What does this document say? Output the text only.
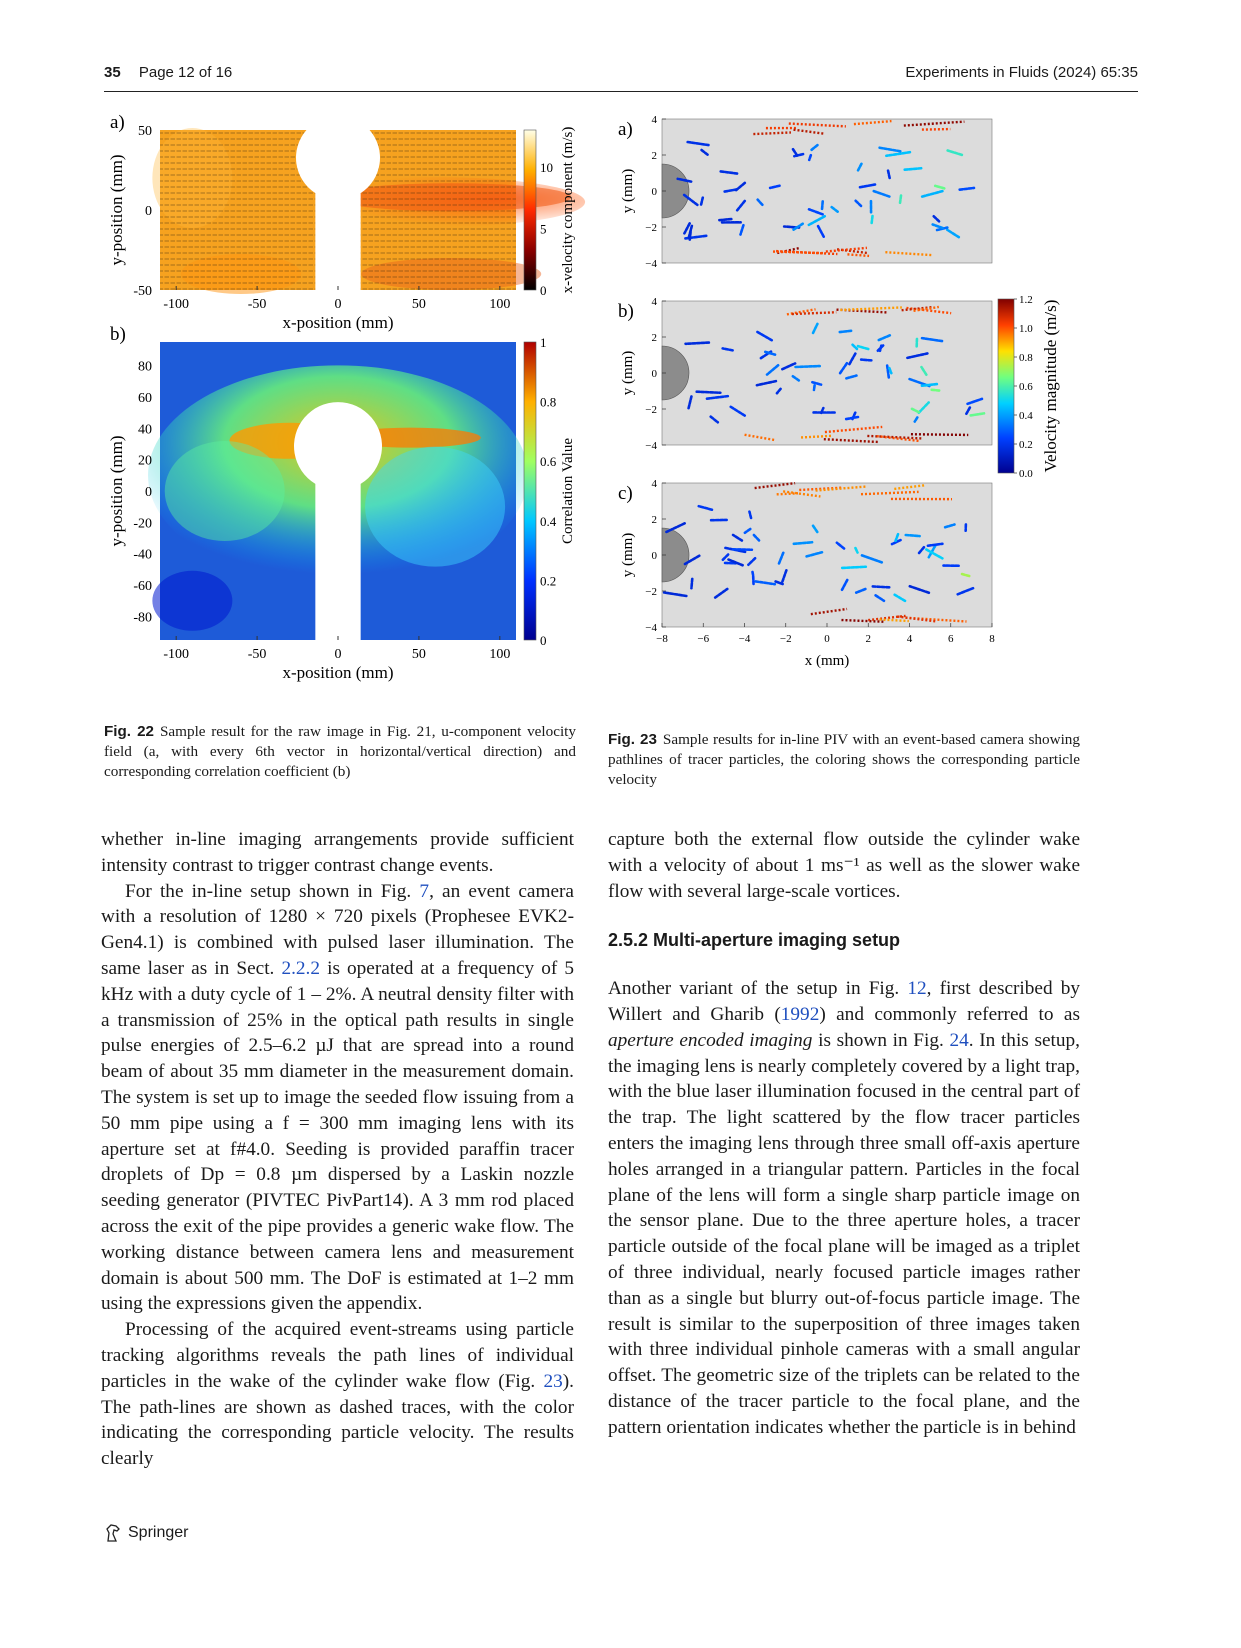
35 Page 12 of 16	Experiments in Fluids (2024) 65:35
a)
-100	-50	0	50	100
50
0
-50
x-position (mm)
y-position (mm)
0
5
10 x-velocity component (m/s)
b)
-100	-50	0	50	100
80
60
40
20
0
-20
-40
-60
-80
x-position (mm)
y-position (mm)
0
0.2
0.4
0.6
0.8
1
Correlation Value
Fig. 22 Sample result for the raw image in Fig. 21, u-component velocity field (a, with every 6th vector in horizontal/vertical direction) and corresponding correlation coefficient (b)
a) 4
2
0
−2
−4
y (mm)
b) 4
2
0
−2
−4
y (mm)
c) 4
2
0
−2
−4
y (mm)
−8	−6	−4	−2	0	2	4	6	8
x (mm)
0.0
0.2
0.4
0.6
0.8
1.0
1.2 Velocity magnitude (m/s)
Fig. 23 Sample results for in-line PIV with an event-based camera showing pathlines of tracer particles, the coloring shows the corresponding particle velocity

whether in-line imaging arrangements provide sufficient intensity contrast to trigger contrast change events.

For the in-line setup shown in Fig. 7, an event camera with a resolution of 1280 × 720 pixels (Prophesee EVK2-Gen4.1) is combined with pulsed laser illumination. The same laser as in Sect. 2.2.2 is operated at a frequency of 5 kHz with a duty cycle of 1 – 2%. A neutral density filter with a transmission of 25% in the optical path results in single pulse energies of 2.5–6.2 µJ that are spread into a round beam of about 35 mm diameter in the measurement domain. The system is set up to image the seeded flow issuing from a 50 mm pipe using a f = 300 mm imaging lens with its aperture set at f#4.0. Seeding is provided paraffin tracer droplets of Dp = 0.8 µm dispersed by a Laskin nozzle seeding generator (PIVTEC PivPart14). A 3 mm rod placed across the exit of the pipe provides a generic wake flow. The working distance between camera lens and measurement domain is about 500 mm. The DoF is estimated at 1–2 mm using the expressions given the appendix.

Processing of the acquired event-streams using particle tracking algorithms reveals the path lines of individual particles in the wake of the cylinder wake flow (Fig. 23). The path-lines are shown as dashed traces, with the color indicating the corresponding particle velocity. The results clearly

capture both the external flow outside the cylinder wake with a velocity of about 1 ms⁻¹ as well as the slower wake flow with several large-scale vortices.

2.5.2 Multi-aperture imaging setup

Another variant of the setup in Fig. 12, first described by Willert and Gharib (1992) and commonly referred to as aperture encoded imaging is shown in Fig. 24. In this setup, the imaging lens is nearly completely covered by a light trap, with the blue laser illumination focused in the central part of the trap. The light scattered by the flow tracer particles enters the imaging lens through three small off-axis aperture holes arranged in a triangular pattern. Particles in the focal plane of the lens will form a single sharp particle image on the sensor plane. Due to the three aperture holes, a tracer particle outside of the focal plane will be imaged as a triplet of three individual, nearly focused particle images rather than as a single but blurry out-of-focus particle image. The result is similar to the superposition of three images taken with three individual pinhole cameras with a small angular offset. The geometric size of the triplets can be related to the distance of the tracer particle to the focal plane, and the pattern orientation indicates whether the particle is in behind

Springer
